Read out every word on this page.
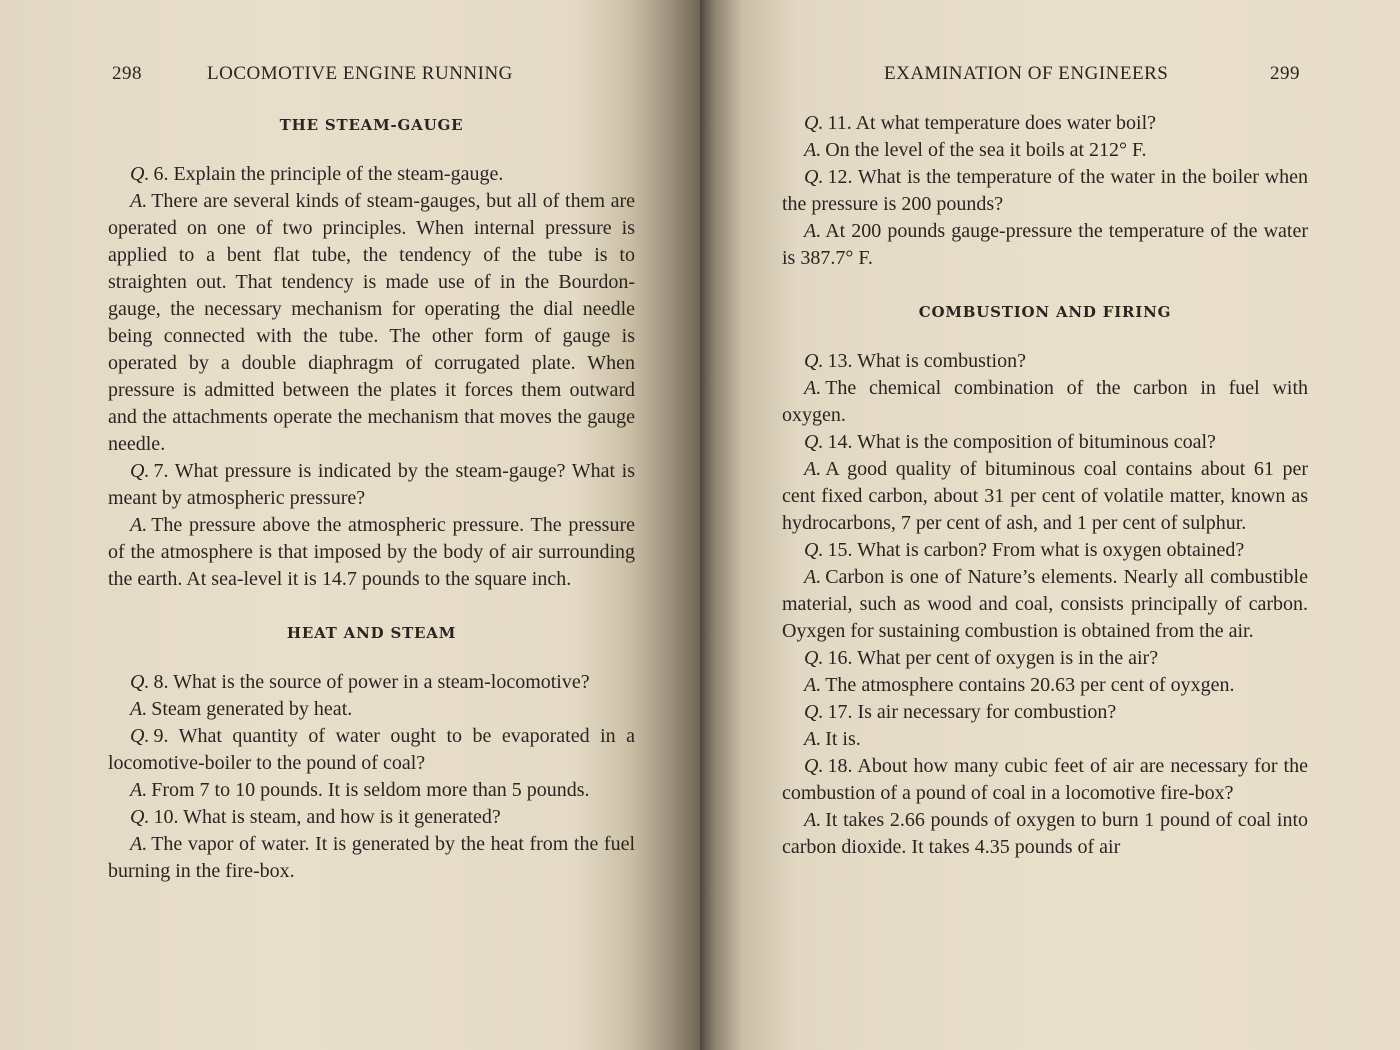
298	LOCOMOTIVE ENGINE RUNNING
THE STEAM-GAUGE

Q. 6. Explain the principle of the steam-gauge.

A. There are several kinds of steam-gauges, but all of them are operated on one of two principles. When internal pressure is applied to a bent flat tube, the tendency of the tube is to straighten out. That tendency is made use of in the Bourdon-gauge, the necessary mechanism for operating the dial needle being connected with the tube. The other form of gauge is operated by a double diaphragm of corrugated plate. When pressure is admitted between the plates it forces them outward and the attachments operate the mechanism that moves the gauge needle.

Q. 7. What pressure is indicated by the steam-gauge? What is meant by atmospheric pressure?

A. The pressure above the atmospheric pressure. The pressure of the atmosphere is that imposed by the body of air surrounding the earth. At sea-level it is 14.7 pounds to the square inch.

HEAT AND STEAM

Q. 8. What is the source of power in a steam-locomotive?

A. Steam generated by heat.

Q. 9. What quantity of water ought to be evaporated in a locomotive-boiler to the pound of coal?

A. From 7 to 10 pounds. It is seldom more than 5 pounds.

Q. 10. What is steam, and how is it generated?

A. The vapor of water. It is generated by the heat from the fuel burning in the fire-box.

EXAMINATION OF ENGINEERS	299

Q. 11. At what temperature does water boil?

A. On the level of the sea it boils at 212° F.

Q. 12. What is the temperature of the water in the boiler when the pressure is 200 pounds?

A. At 200 pounds gauge-pressure the temperature of the water is 387.7° F.

COMBUSTION AND FIRING

Q. 13. What is combustion?

A. The chemical combination of the carbon in fuel with oxygen.

Q. 14. What is the composition of bituminous coal?

A. A good quality of bituminous coal contains about 61 per cent fixed carbon, about 31 per cent of volatile matter, known as hydrocarbons, 7 per cent of ash, and 1 per cent of sulphur.

Q. 15. What is carbon? From what is oxygen obtained?

A. Carbon is one of Nature’s elements. Nearly all combustible material, such as wood and coal, consists principally of carbon. Oyxgen for sustaining combustion is obtained from the air.

Q. 16. What per cent of oxygen is in the air?

A. The atmosphere contains 20.63 per cent of oyxgen.

Q. 17. Is air necessary for combustion?

A. It is.

Q. 18. About how many cubic feet of air are necessary for the combustion of a pound of coal in a locomotive fire-box?

A. It takes 2.66 pounds of oxygen to burn 1 pound of coal into carbon dioxide. It takes 4.35 pounds of air
